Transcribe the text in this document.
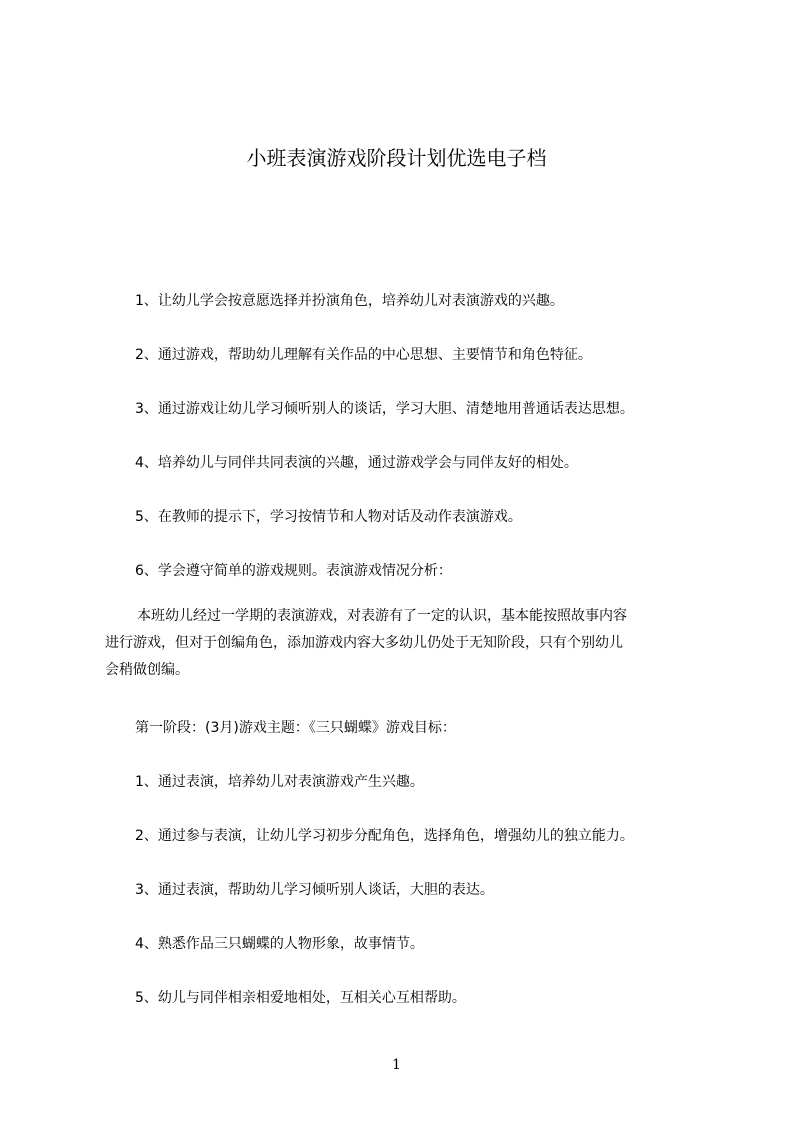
小班表演游戏阶段计划优选电子档

1、让幼儿学会按意愿选择并扮演角色，培养幼儿对表演游戏的兴趣。

2、通过游戏，帮助幼儿理解有关作品的中心思想、主要情节和角色特征。

3、通过游戏让幼儿学习倾听别人的谈话，学习大胆、清楚地用普通话表达思想。

4、培养幼儿与同伴共同表演的兴趣，通过游戏学会与同伴友好的相处。

5、在教师的提示下，学习按情节和人物对话及动作表演游戏。

6、学会遵守简单的游戏规则。表演游戏情况分析：

本班幼儿经过一学期的表演游戏，对表游有了一定的认识，基本能按照故事内容
进行游戏，但对于创编角色，添加游戏内容大多幼儿仍处于无知阶段，只有个别幼儿
会稍做创编。

第一阶段：(3月)游戏主题：《三只蝴蝶》游戏目标：

1、通过表演，培养幼儿对表演游戏产生兴趣。

2、通过参与表演，让幼儿学习初步分配角色，选择角色，增强幼儿的独立能力。

3、通过表演，帮助幼儿学习倾听别人谈话，大胆的表达。

4、熟悉作品三只蝴蝶的人物形象，故事情节。

5、幼儿与同伴相亲相爱地相处，互相关心互相帮助。

1
